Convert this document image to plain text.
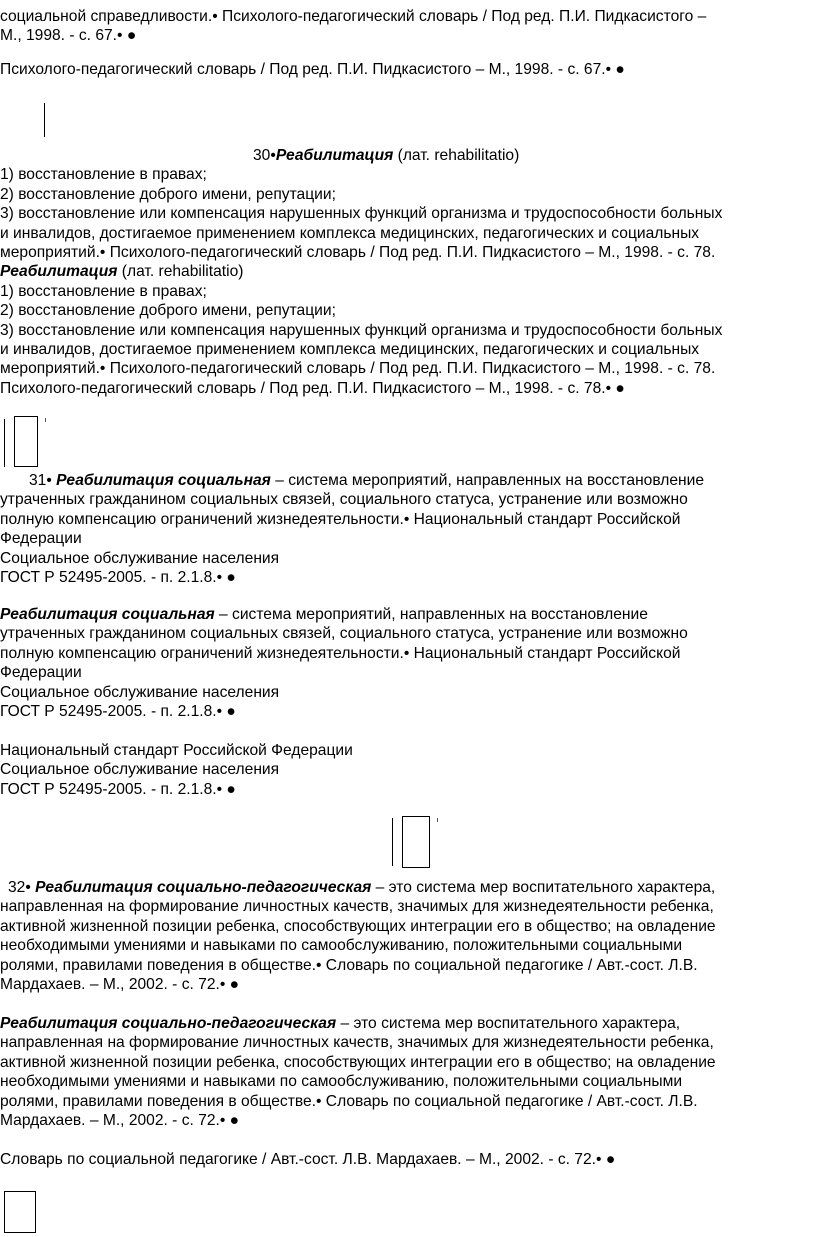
социальной справедливости.• Психолого-педагогический словарь / Под ред. П.И. Пидкасистого –

М., 1998. - с. 67.• ●

Психолого-педагогический словарь / Под ред. П.И. Пидкасистого – М., 1998. - с. 67.• ●

30•Реабилитация (лат. rehabilitatio)

1) восстановление в правах;

2) восстановление доброго имени, репутации;

3) восстановление или компенсация нарушенных функций организма и трудоспособности больных

и инвалидов, достигаемое применением комплекса медицинских, педагогических и социальных

мероприятий.• Психолого-педагогический словарь / Под ред. П.И. Пидкасистого – М., 1998. - с. 78.

Реабилитация (лат. rehabilitatio)

1) восстановление в правах;

2) восстановление доброго имени, репутации;

3) восстановление или компенсация нарушенных функций организма и трудоспособности больных

и инвалидов, достигаемое применением комплекса медицинских, педагогических и социальных

мероприятий.• Психолого-педагогический словарь / Под ред. П.И. Пидкасистого – М., 1998. - с. 78.

Психолого-педагогический словарь / Под ред. П.И. Пидкасистого – М., 1998. - с. 78.• ●

31• Реабилитация социальная – система мероприятий, направленных на восстановление

утраченных гражданином социальных связей, социального статуса, устранение или возможно

полную компенсацию ограничений жизнедеятельности.• Национальный стандарт Российской

Федерации

Социальное обслуживание населения

ГОСТ Р 52495-2005. - п. 2.1.8.• ●

Реабилитация социальная – система мероприятий, направленных на восстановление

утраченных гражданином социальных связей, социального статуса, устранение или возможно

полную компенсацию ограничений жизнедеятельности.• Национальный стандарт Российской

Федерации

Социальное обслуживание населения

ГОСТ Р 52495-2005. - п. 2.1.8.• ●

Национальный стандарт Российской Федерации

Социальное обслуживание населения

ГОСТ Р 52495-2005. - п. 2.1.8.• ●

32• Реабилитация социально-педагогическая – это система мер воспитательного характера,

направленная на формирование личностных качеств, значимых для жизнедеятельности ребенка,

активной жизненной позиции ребенка, способствующих интеграции его в общество; на овладение

необходимыми умениями и навыками по самообслуживанию, положительными социальными

ролями, правилами поведения в обществе.• Словарь по социальной педагогике / Авт.-сост. Л.В.

Мардахаев. – М., 2002. - с. 72.• ●

Реабилитация социально-педагогическая – это система мер воспитательного характера,

направленная на формирование личностных качеств, значимых для жизнедеятельности ребенка,

активной жизненной позиции ребенка, способствующих интеграции его в общество; на овладение

необходимыми умениями и навыками по самообслуживанию, положительными социальными

ролями, правилами поведения в обществе.• Словарь по социальной педагогике / Авт.-сост. Л.В.

Мардахаев. – М., 2002. - с. 72.• ●

Словарь по социальной педагогике / Авт.-сост. Л.В. Мардахаев. – М., 2002. - с. 72.• ●
